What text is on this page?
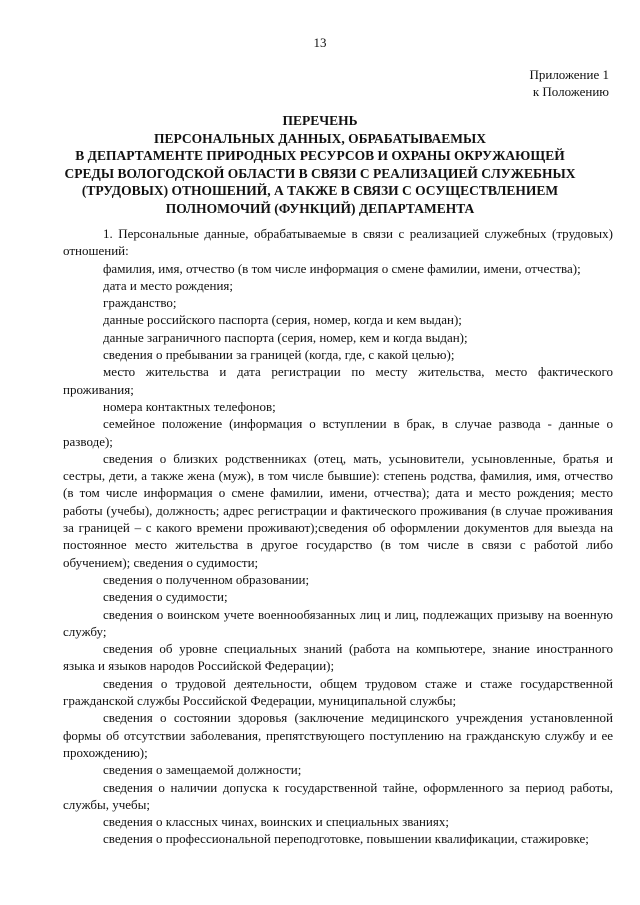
13
Приложение 1
к Положению
ПЕРЕЧЕНЬ
ПЕРСОНАЛЬНЫХ ДАННЫХ, ОБРАБАТЫВАЕМЫХ
В ДЕПАРТАМЕНТЕ ПРИРОДНЫХ РЕСУРСОВ И ОХРАНЫ ОКРУЖАЮЩЕЙ
СРЕДЫ ВОЛОГОДСКОЙ ОБЛАСТИ В СВЯЗИ С РЕАЛИЗАЦИЕЙ СЛУЖЕБНЫХ
(ТРУДОВЫХ) ОТНОШЕНИЙ, А ТАКЖЕ В СВЯЗИ С ОСУЩЕСТВЛЕНИЕМ
ПОЛНОМОЧИЙ (ФУНКЦИЙ) ДЕПАРТАМЕНТА

1. Персональные данные, обрабатываемые в связи с реализацией служебных (трудовых) отношений:

фамилия, имя, отчество (в том числе информация о смене фамилии, имени, отчества);

дата и место рождения;

гражданство;

данные российского паспорта (серия, номер, когда и кем выдан);

данные заграничного паспорта (серия, номер, кем и когда выдан);

сведения о пребывании за границей (когда, где, с какой целью);

место жительства и дата регистрации по месту жительства, место фактического проживания;

номера контактных телефонов;

семейное положение (информация о вступлении в брак, в случае развода - данные о разводе);

сведения о близких родственниках (отец, мать, усыновители, усыновленные, братья и сестры, дети, а также жена (муж), в том числе бывшие): степень родства, фамилия, имя, отчество (в том числе информация о смене фамилии, имени, отчества); дата и место рождения; место работы (учебы), должность; адрес регистрации и фактического проживания (в случае проживания за границей – с какого времени проживают);сведения об оформлении документов для выезда на постоянное место жительства в другое государство (в том числе в связи с работой либо обучением); сведения о судимости;

сведения о полученном образовании;

сведения о судимости;

сведения о воинском учете военнообязанных лиц и лиц, подлежащих призыву на военную службу;

сведения об уровне специальных знаний (работа на компьютере, знание иностранного языка и языков народов Российской Федерации);

сведения о трудовой деятельности, общем трудовом стаже и стаже государственной гражданской службы Российской Федерации, муниципальной службы;

сведения о состоянии здоровья (заключение медицинского учреждения установленной формы об отсутствии заболевания, препятствующего поступлению на гражданскую службу и ее прохождению);

сведения о замещаемой должности;

сведения о наличии допуска к государственной тайне, оформленного за период работы, службы, учебы;

сведения о классных чинах, воинских и специальных званиях;

сведения о профессиональной переподготовке, повышении квалификации, стажировке;
